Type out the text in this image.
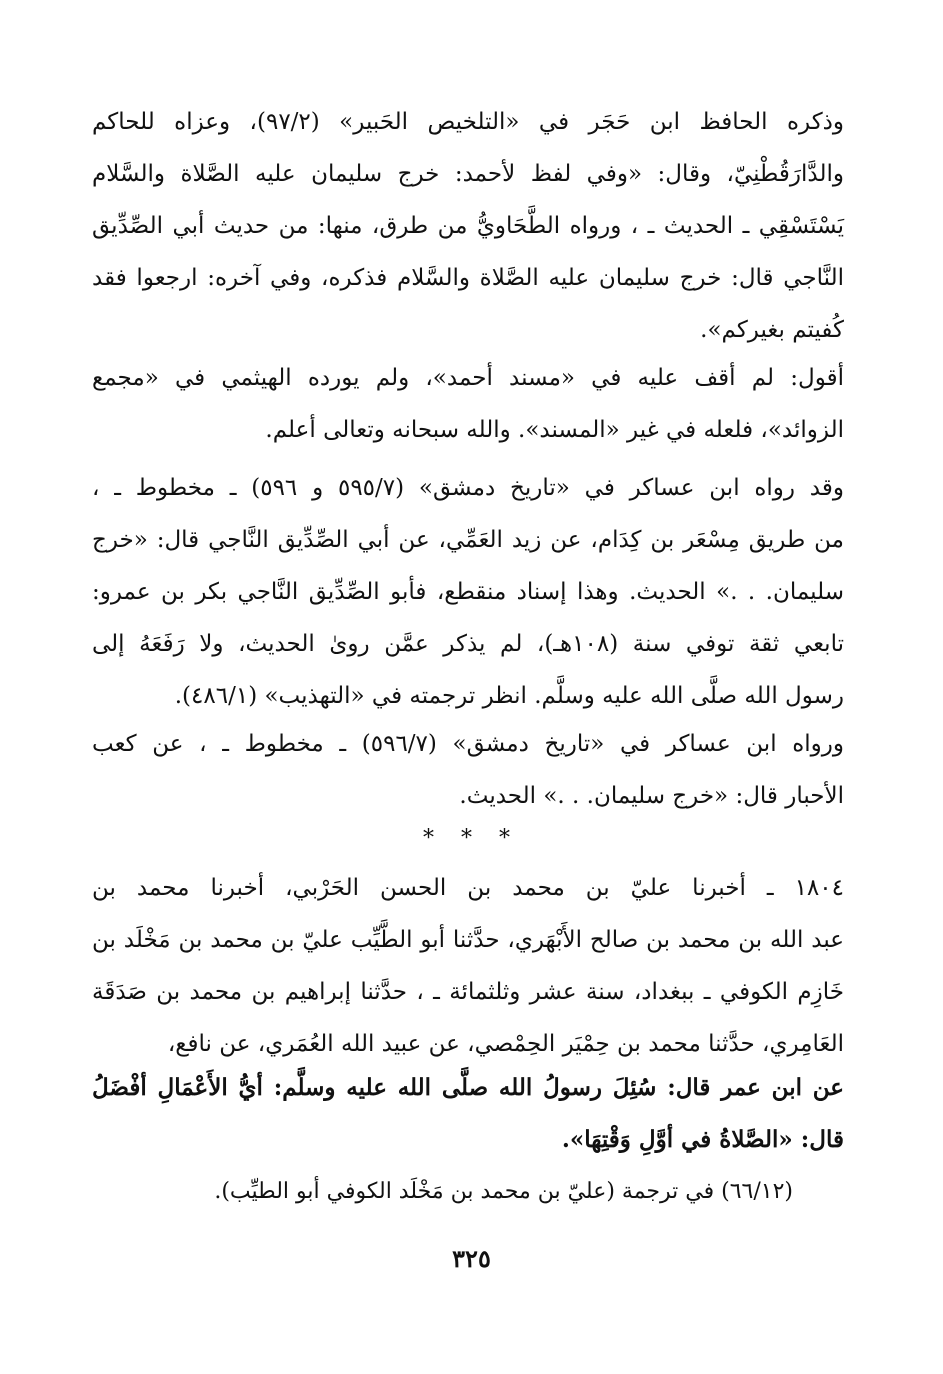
وذكره الحافظ ابن حَجَر في «التلخيص الحَبير» (٩٧/٢)، وعزاه للحاكم
والدَّارَقُطْنِيّ، وقال: «وفي لفظ لأحمد: خرج سليمان عليه الصَّلاة والسَّلام
يَسْتَسْقِي ـ الحديث ـ ، ورواه الطَّحَاويُّ من طرق، منها: من حديث أبي الصِّدِّيق
النَّاجي قال: خرج سليمان عليه الصَّلاة والسَّلام فذكره، وفي آخره: ارجعوا فقد
كُفيتم بغيركم».
أقول: لم أقف عليه في «مسند أحمد»، ولم يورده الهيثمي في «مجمع
الزوائد»، فلعله في غير «المسند». والله سبحانه وتعالى أعلم.
وقد رواه ابن عساكر في «تاريخ دمشق» (٥٩٥/٧ و ٥٩٦) ـ مخطوط ـ ،
من طريق مِسْعَر بن كِدَام، عن زيد العَمِّي، عن أبي الصِّدِّيق النَّاجي قال: «خرج
سليمان. . .» الحديث. وهذا إسناد منقطع، فأبو الصِّدِّيق النَّاجي بكر بن عمرو:
تابعي ثقة توفي سنة (١٠٨هـ)، لم يذكر عمَّن روىٰ الحديث، ولا رَفَعَهُ إلى
رسول الله صلَّى الله عليه وسلَّم. انظر ترجمته في «التهذيب» (٤٨٦/١).
ورواه ابن عساكر في «تاريخ دمشق» (٥٩٦/٧) ـ مخطوط ـ ، عن كعب
الأحبار قال: «خرج سليمان. . .» الحديث.
* * *
١٨٠٤ ـ أخبرنا عليّ بن محمد بن الحسن الحَرْبي، أخبرنا محمد بن
عبد الله بن محمد بن صالح الأَبْهَري، حدَّثنا أبو الطَّيِّب عليّ بن محمد بن مَخْلَد بن
خَازِم الكوفي ـ ببغداد، سنة عشر وثلثمائة ـ ، حدَّثنا إبراهيم بن محمد بن صَدَقَة
العَامِري، حدَّثنا محمد بن حِمْيَر الحِمْصي، عن عبيد الله العُمَري، عن نافع،
عن ابن عمر قال: سُئِلَ رسولُ الله صلَّى الله عليه وسلَّم: أيُّ الأَعْمَالِ أفْضَلُ
قال: «الصَّلاةُ في أوَّلِ وَقْتِهَا».
(٦٦/١٢) في ترجمة (عليّ بن محمد بن مَخْلَد الكوفي أبو الطيِّب).
٣٢٥
